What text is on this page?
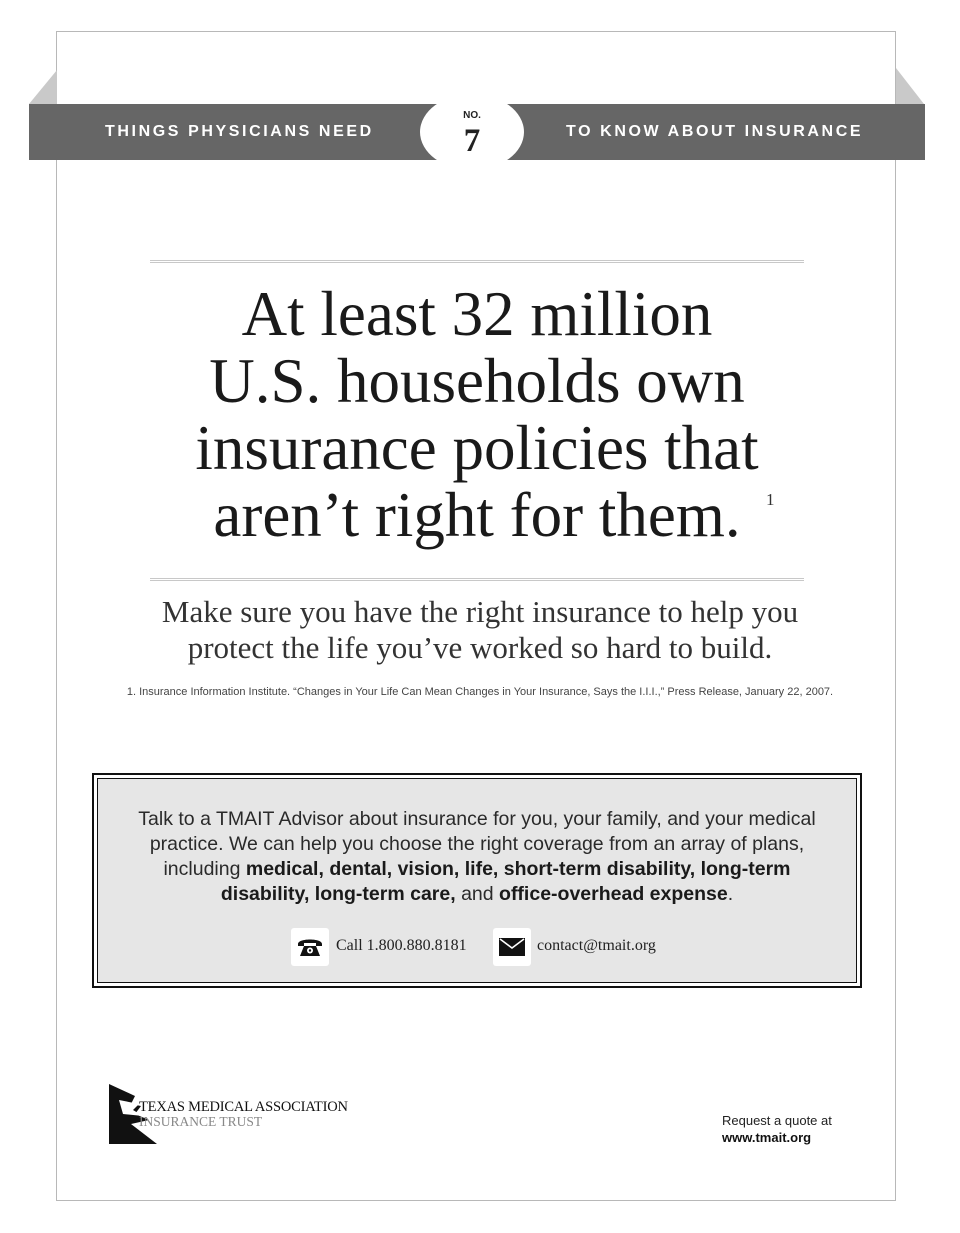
THINGS PHYSICIANS NEED	TO KNOW ABOUT INSURANCE
NO.
7
At least 32 million
U.S. households own
insurance policies that
aren’t right for them.	1

Make sure you have the right insurance to help you
protect the life you’ve worked so hard to build.

1. Insurance Information Institute. “Changes in Your Life Can Mean Changes in Your Insurance, Says the I.I.I.,” Press Release, January 22, 2007.
Talk to a TMAIT Advisor about insurance for you, your family, and your medical
practice. We can help you choose the right coverage from an array of plans,
including medical, dental, vision, life, short-term disability, long-term
disability, long-term care, and office-overhead expense.
Call 1.800.880.8181	contact@tmait.org
TEXAS MEDICAL ASSOCIATION
INSURANCE TRUST	Request a quote at
www.tmait.org
